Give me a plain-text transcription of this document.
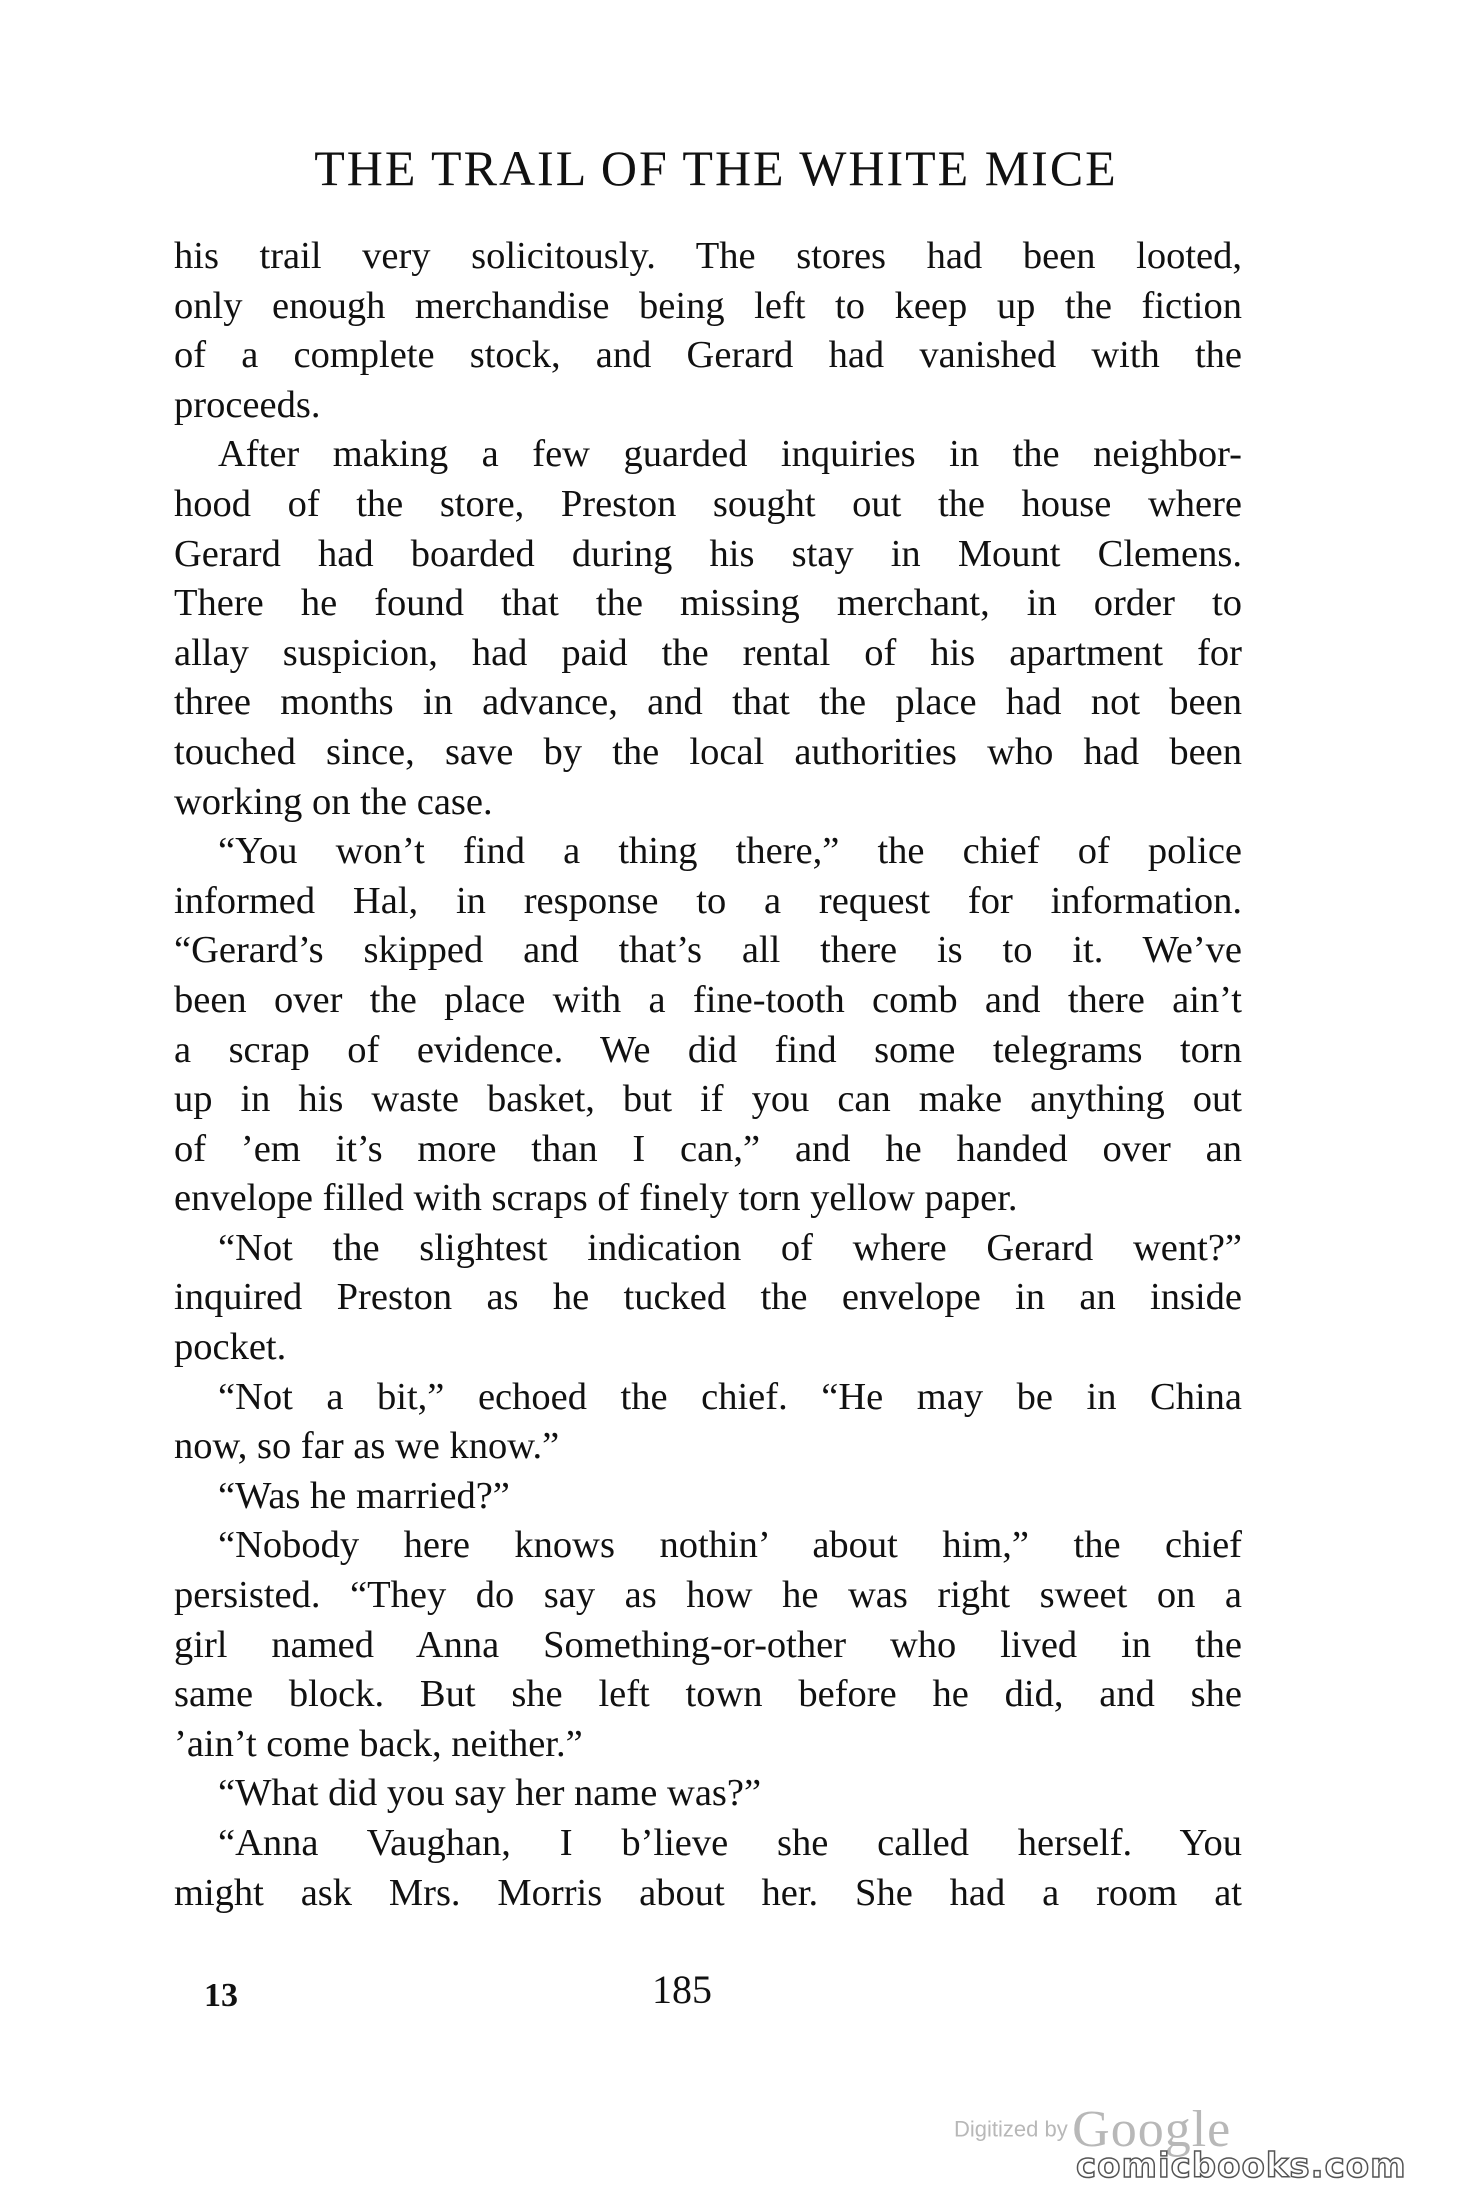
THE TRAIL OF THE WHITE MICE
his trail very solicitously. The stores had been looted,
only enough merchandise being left to keep up the fiction
of a complete stock, and Gerard had vanished with the
proceeds.
After making a few guarded inquiries in the neighbor-
hood of the store, Preston sought out the house where
Gerard had boarded during his stay in Mount Clemens.
There he found that the missing merchant, in order to
allay suspicion, had paid the rental of his apartment for
three months in advance, and that the place had not been
touched since, save by the local authorities who had been
working on the case.
“You won’t find a thing there,” the chief of police
informed Hal, in response to a request for information.
“Gerard’s skipped and that’s all there is to it. We’ve
been over the place with a fine-tooth comb and there ain’t
a scrap of evidence. We did find some telegrams torn
up in his waste basket, but if you can make anything out
of ’em it’s more than I can,” and he handed over an
envelope filled with scraps of finely torn yellow paper.
“Not the slightest indication of where Gerard went?”
inquired Preston as he tucked the envelope in an inside
pocket.
“Not a bit,” echoed the chief. “He may be in China
now, so far as we know.”
“Was he married?”
“Nobody here knows nothin’ about him,” the chief
persisted. “They do say as how he was right sweet on a
girl named Anna Something-or-other who lived in the
same block. But she left town before he did, and she
’ain’t come back, neither.”
“What did you say her name was?”
“Anna Vaughan, I b’lieve she called herself. You
might ask Mrs. Morris about her. She had a room at
13	185
Digitized by Google
comicbooks.com
